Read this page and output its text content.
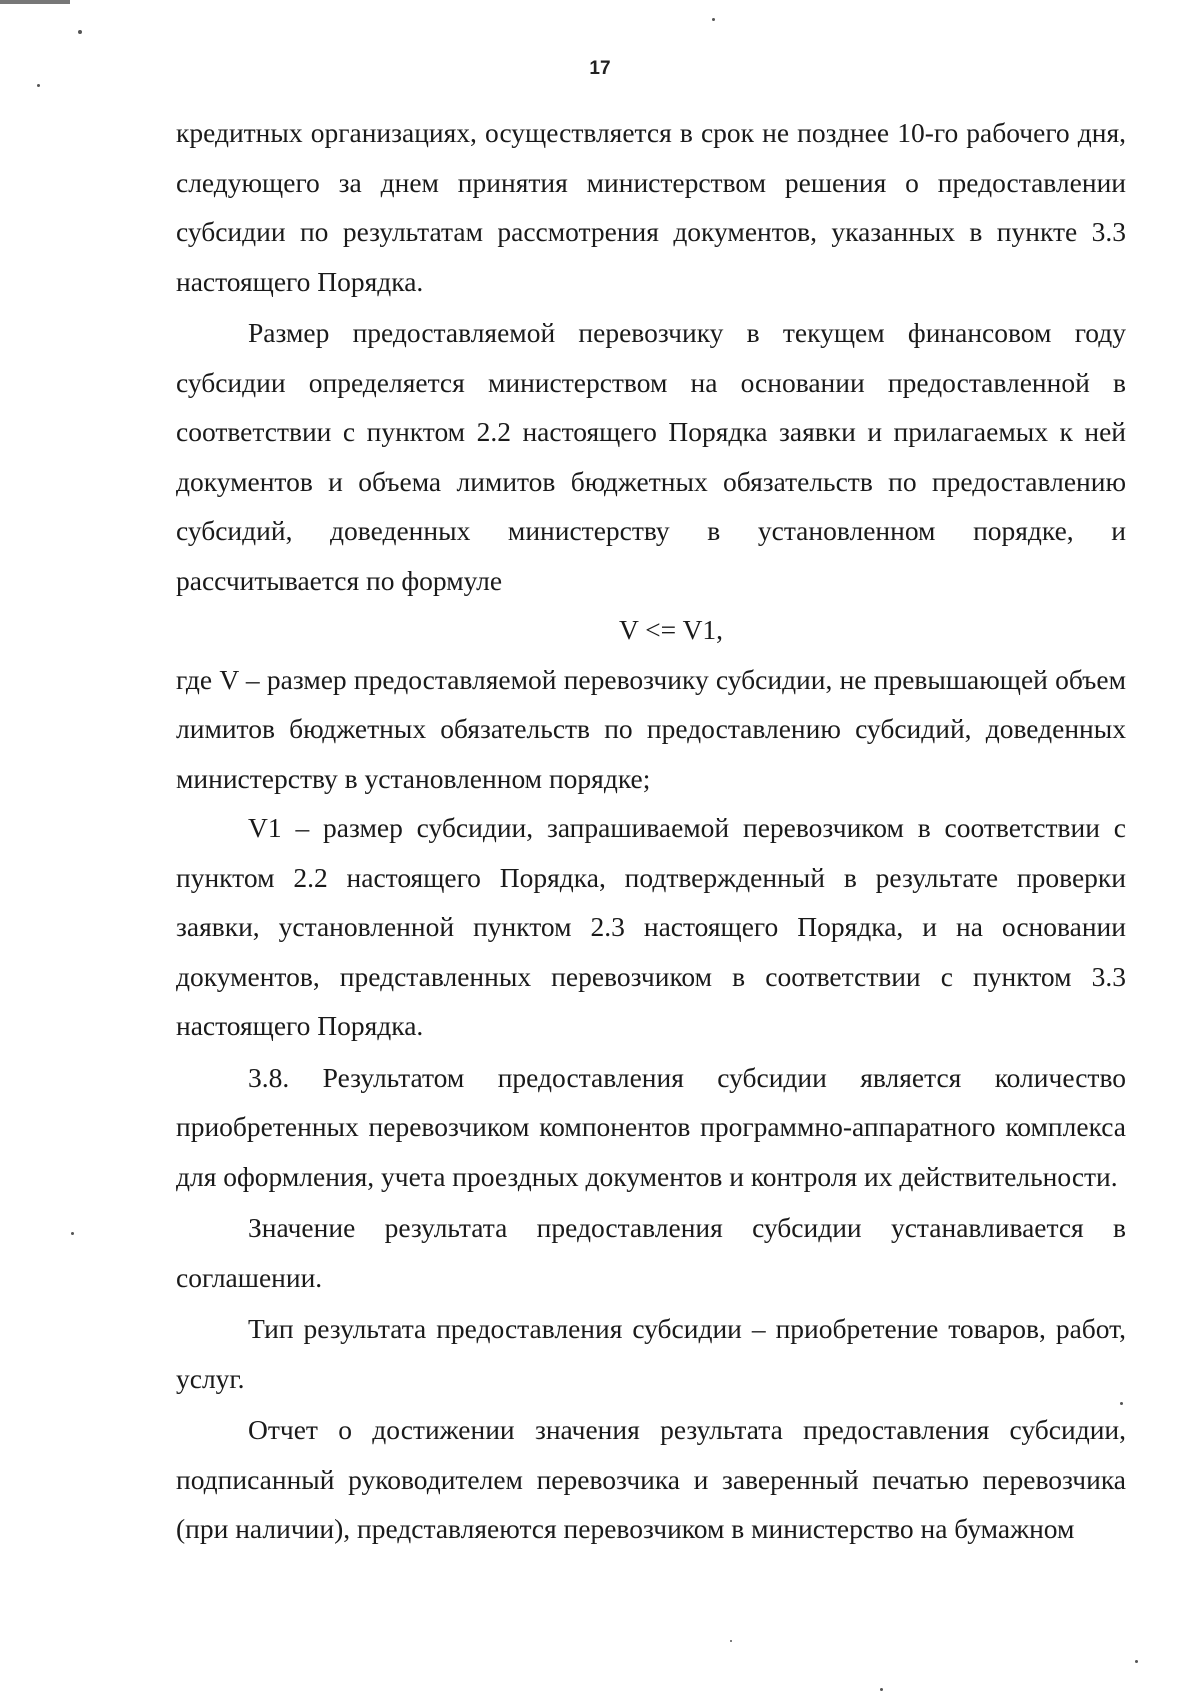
17

кредитных организациях, осуществляется в срок не позднее 10-го рабочего дня, следующего за днем принятия министерством решения о предоставлении субсидии по результатам рассмотрения документов, указанных в пункте 3.3 настоящего Порядка.

Размер предоставляемой перевозчику в текущем финансовом году субсидии определяется министерством на основании предоставленной в соответствии с пунктом 2.2 настоящего Порядка заявки и прилагаемых к ней документов и объема лимитов бюджетных обязательств по предоставлению субсидий, доведенных министерству в установленном порядке, и рассчитывается по формуле

V <= V1,

где V – размер предоставляемой перевозчику субсидии, не превышающей объем лимитов бюджетных обязательств по предоставлению субсидий, доведенных министерству в установленном порядке;

V1 – размер субсидии, запрашиваемой перевозчиком в соответствии с пунктом 2.2 настоящего Порядка, подтвержденный в результате проверки заявки, установленной пунктом 2.3 настоящего Порядка, и на основании документов, представленных перевозчиком в соответствии с пунктом 3.3 настоящего Порядка.

3.8. Результатом предоставления субсидии является количество приобретенных перевозчиком компонентов программно-аппаратного комплекса для оформления, учета проездных документов и контроля их действительности.

Значение результата предоставления субсидии устанавливается в соглашении.

Тип результата предоставления субсидии – приобретение товаров, работ, услуг.

Отчет о достижении значения результата предоставления субсидии, подписанный руководителем перевозчика и заверенный печатью перевозчика (при наличии), представляеются перевозчиком в министерство на бумажном
